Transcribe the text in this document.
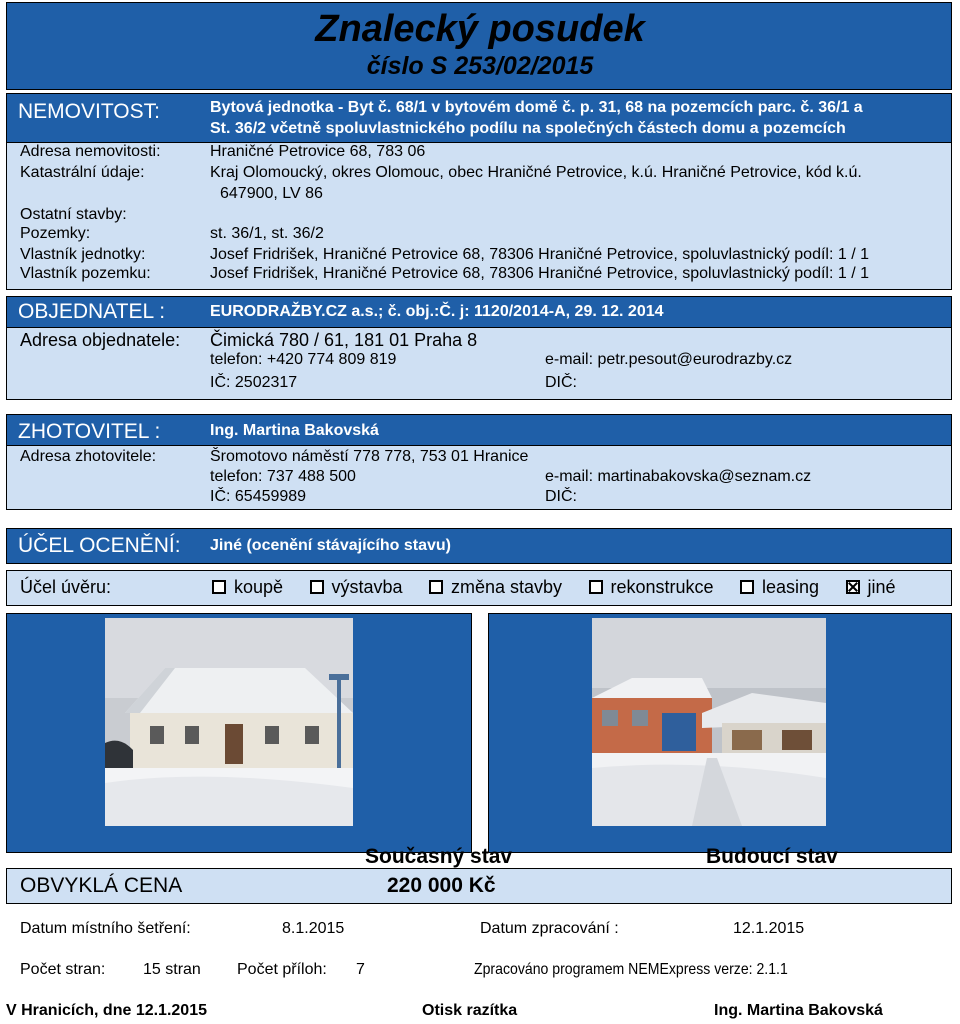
Znalecký posudek
číslo S 253/02/2015
NEMOVITOST:	Bytová jednotka - Byt č. 68/1 v bytovém domě č. p. 31, 68 na pozemcích parc. č. 36/1 a
St. 36/2 včetně spoluvlastnického podílu na společných částech domu a pozemcích
Adresa nemovitosti:	Hraničné Petrovice 68, 783 06
Katastrální údaje:	Kraj Olomoucký, okres Olomouc, obec Hraničné Petrovice, k.ú. Hraničné Petrovice, kód k.ú.
647900, LV 86
Ostatní stavby:
Pozemky:	st. 36/1, st. 36/2
Vlastník jednotky:	Josef Fridrišek, Hraničné Petrovice 68, 78306 Hraničné Petrovice, spoluvlastnický podíl: 1 / 1
Vlastník pozemku:	Josef Fridrišek, Hraničné Petrovice 68, 78306 Hraničné Petrovice, spoluvlastnický podíl: 1 / 1
OBJEDNATEL :	EURODRAŽBY.CZ a.s.; č. obj.:Č. j: 1120/2014-A, 29. 12. 2014
Adresa objednatele: Čimická 780 / 61, 181 01 Praha 8
telefon: +420 774 809 819	e-mail: petr.pesout@eurodrazby.cz
IČ: 2502317	DIČ:
ZHOTOVITEL :	Ing. Martina Bakovská
Adresa zhotovitele:	Šromotovo náměstí 778 778, 753 01 Hranice
telefon: 737 488 500	e-mail: martinabakovska@seznam.cz
IČ: 65459989	DIČ:
ÚČEL OCENĚNÍ: Jiné (ocenění stávajícího stavu)
Účel úvěru:	koupě	výstavba	změna stavby	rekonstrukce	leasing	jiné
Současný stav	Budoucí stav
OBVYKLÁ CENA	220 000 Kč
Datum místního šetření:	8.1.2015	Datum zpracování :	12.1.2015
Počet stran: 15 stran Počet příloh: 7	Zpracováno programem NEMExpress verze: 2.1.1
V Hranicích, dne 12.1.2015	Otisk razítka	Ing. Martina Bakovská
